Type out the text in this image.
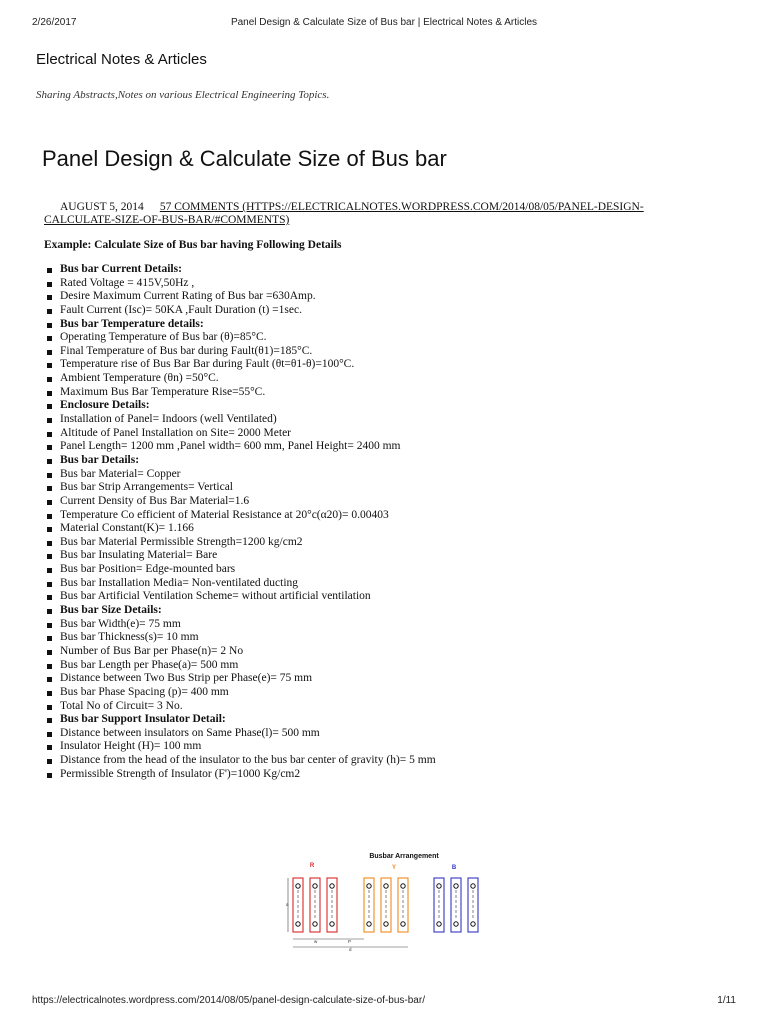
2/26/2017	Panel Design & Calculate Size of Bus bar | Electrical Notes & Articles
Electrical Notes & Articles

Sharing Abstracts,Notes on various Electrical Engineering Topics.

Panel Design & Calculate Size of Bus bar
AUGUST 5, 2014 57 COMMENTS (HTTPS://ELECTRICALNOTES.WORDPRESS.COM/2014/08/05/PANEL-DESIGN-
CALCULATE-SIZE-OF-BUS-BAR/#COMMENTS)

Example: Calculate Size of Bus bar having Following Details

Bus bar Current Details:
Rated Voltage = 415V,50Hz ,
Desire Maximum Current Rating of Bus bar =630Amp.
Fault Current (Isc)= 50KA ,Fault Duration (t) =1sec.
Bus bar Temperature details:
Operating Temperature of Bus bar (θ)=85°C.
Final Temperature of Bus bar during Fault(θ1)=185°C.
Temperature rise of Bus Bar Bar during Fault (θt=θ1-θ)=100°C.
Ambient Temperature (θn) =50°C.
Maximum Bus Bar Temperature Rise=55°C.
Enclosure Details:
Installation of Panel= Indoors (well Ventilated)
Altitude of Panel Installation on Site= 2000 Meter
Panel Length= 1200 mm ,Panel width= 600 mm, Panel Height= 2400 mm
Bus bar Details:
Bus bar Material= Copper
Bus bar Strip Arrangements= Vertical
Current Density of Bus Bar Material=1.6
Temperature Co efficient of Material Resistance at 20°c(α20)= 0.00403
Material Constant(K)= 1.166
Bus bar Material Permissible Strength=1200 kg/cm2
Bus bar Insulating Material= Bare
Bus bar Position= Edge-mounted bars
Bus bar Installation Media= Non-ventilated ducting
Bus bar Artificial Ventilation Scheme= without artificial ventilation
Bus bar Size Details:
Bus bar Width(e)= 75 mm
Bus bar Thickness(s)= 10 mm
Number of Bus Bar per Phase(n)= 2 No
Bus bar Length per Phase(a)= 500 mm
Distance between Two Bus Strip per Phase(e)= 75 mm
Bus bar Phase Spacing (p)= 400 mm
Total No of Circuit= 3 No.
Bus bar Support Insulator Detail:
Distance between insulators on Same Phase(l)= 500 mm
Insulator Height (H)= 100 mm
Distance from the head of the insulator to the bus bar center of gravity (h)= 5 mm
Permissible Strength of Insulator (F')=1000 Kg/cm2
Busbar Arrangement
R	Y	B
a
w	P
d
https://electricalnotes.wordpress.com/2014/08/05/panel-design-calculate-size-of-bus-bar/	1/11
